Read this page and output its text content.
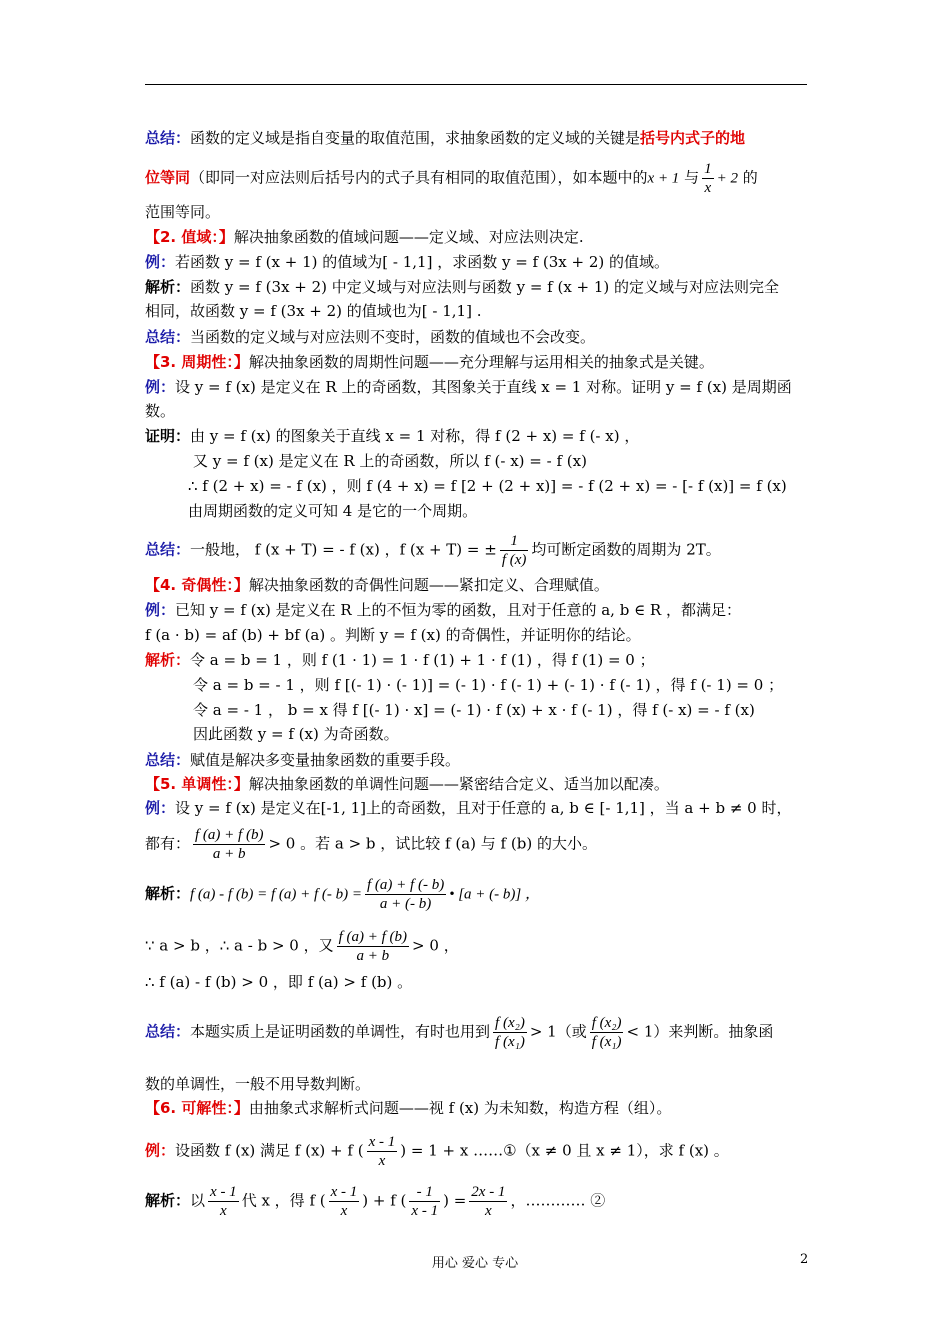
总结：函数的定义域是指自变量的取值范围，求抽象函数的定义域的关键是括号内式子的地
位等同（即同一对应法则后括号内的式子具有相同的取值范围），如本题中的x + 1 与 $\frac{1}{x} + 2$ 的
范围等同。
【2. 值域：】解决抽象函数的值域问题——定义域、对应法则决定.
例：若函数 y = f (x + 1) 的值域为[ - 1,1] ，求函数 y = f (3x + 2) 的值域。
解析：函数 y = f (3x + 2) 中定义域与对应法则与函数 y = f (x + 1) 的定义域与对应法则完全
相同，故函数 y = f (3x + 2) 的值域也为[ - 1,1] .
总结：当函数的定义域与对应法则不变时，函数的值域也不会改变。
【3. 周期性：】解决抽象函数的周期性问题——充分理解与运用相关的抽象式是关键。
例：设 y = f (x) 是定义在 R 上的奇函数，其图象关于直线 x = 1 对称。证明 y = f (x) 是周期函
数。
证明：由 y = f (x) 的图象关于直线 x = 1 对称，得 f (2 + x) = f (- x) ，
又 y = f (x) 是定义在 R 上的奇函数，所以 f (- x) = - f (x)
∴ f (2 + x) = - f (x) ，则 f (4 + x) = f [2 + (2 + x)] = - f (2 + x) = - [- f (x)] = f (x)
由周期函数的定义可知 4 是它的一个周期。
总结：一般地， f (x + T) = - f (x) ，f (x + T) = ± $\frac{1}{f (x)}$ 均可断定函数的周期为 2T。
【4. 奇偶性：】解决抽象函数的奇偶性问题——紧扣定义、合理赋值。
例：已知 y = f (x) 是定义在 R 上的不恒为零的函数，且对于任意的 a, b ∈ R ，都满足：
f (a · b) = af (b) + bf (a) 。判断 y = f (x) 的奇偶性，并证明你的结论。
解析：令 a = b = 1 ，则 f (1 · 1) = 1 · f (1) + 1 · f (1) ，得 f (1) = 0 ；
令 a = b = - 1 ，则 f [(- 1) · (- 1)] = (- 1) · f (- 1) + (- 1) · f (- 1) ，得 f (- 1) = 0 ；
令 a = - 1 ， b = x 得 f [(- 1) · x] = (- 1) · f (x) + x · f (- 1) ，得 f (- x) = - f (x)
因此函数 y = f (x) 为奇函数。
总结：赋值是解决多变量抽象函数的重要手段。
【5. 单调性：】解决抽象函数的单调性问题——紧密结合定义、适当加以配凑。
例：设 y = f (x) 是定义在[-1, 1]上的奇函数，且对于任意的 a, b ∈ [- 1,1] ，当 a + b ≠ 0 时，
都有： $\frac{f (a) + f (b)}{a + b} > 0$ 。若 a > b ，试比较 f (a) 与 f (b) 的大小。
解析：f (a) - f (b) = f (a) + f (- $b) = \frac{f (a) + f (- b)}{a + (- b)}$ • [a + (- b)] ，
∵ a > b ，∴ a - b > 0 ，又 $\frac{f (a) + f (b)}{a + b} > 0$ ，
∴ f (a) - f (b) > 0 ，即 f (a) > f (b) 。
总结：本题实质上是证明函数的单调性，有时也用到 $\frac{\text{f (x₂)}}{\text{f (x₁)}} > 1$（或 $\frac{\text{f (x₂)}}{\text{f (x₁)}} < 1$）来判断。抽象函
数的单调性，一般不用导数判断。
【6. 可解性：】由抽象式求解析式问题——视 f (x) 为未知数，构造方程（组）。
例：设函数 f (x) 满足 f (x) + f ( $\frac{x - 1}{x}$ ) = 1 + x ……①（x ≠ 0 且 x ≠ 1），求 f (x) 。
解析：以 $\frac{x - 1}{x}$ 代 x ，得 f ( $\frac{x - 1}{x}$ ) + f ( $\frac{- 1}{x - 1}$ ) = $\frac{2x - 1}{x}$ ，………… ②
用心 爱心 专心	2
